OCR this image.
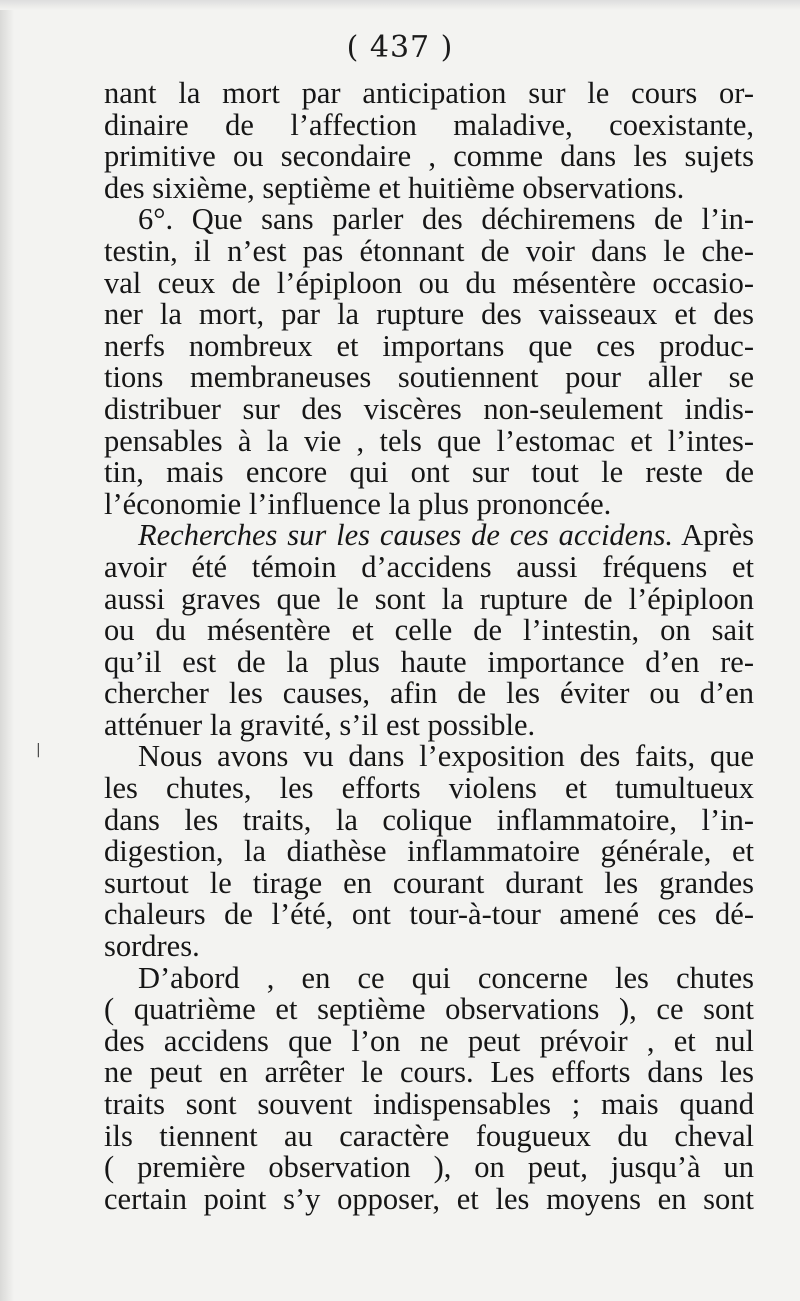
( 437 )
nant la mort par anticipation sur le cours or-
dinaire de l’affection maladive, coexistante,
primitive ou secondaire , comme dans les sujets
des sixième, septième et huitième observations.
6°. Que sans parler des déchiremens de l’in-
testin, il n’est pas étonnant de voir dans le che-
val ceux de l’épiploon ou du mésentère occasio-
ner la mort, par la rupture des vaisseaux et des
nerfs nombreux et importans que ces produc-
tions membraneuses soutiennent pour aller se
distribuer sur des viscères non-seulement indis-
pensables à la vie , tels que l’estomac et l’intes-
tin, mais encore qui ont sur tout le reste de
l’économie l’influence la plus prononcée.
Recherches sur les causes de ces accidens. Après
avoir été témoin d’accidens aussi fréquens et
aussi graves que le sont la rupture de l’épiploon
ou du mésentère et celle de l’intestin, on sait
qu’il est de la plus haute importance d’en re-
chercher les causes, afin de les éviter ou d’en
atténuer la gravité, s’il est possible.
Nous avons vu dans l’exposition des faits, que
les chutes, les efforts violens et tumultueux
dans les traits, la colique inflammatoire, l’in-
digestion, la diathèse inflammatoire générale, et
surtout le tirage en courant durant les grandes
chaleurs de l’été, ont tour-à-tour amené ces dé-
sordres.
D’abord , en ce qui concerne les chutes
( quatrième et septième observations ), ce sont
des accidens que l’on ne peut prévoir , et nul
ne peut en arrêter le cours. Les efforts dans les
traits sont souvent indispensables ; mais quand
ils tiennent au caractère fougueux du cheval
( première observation ), on peut, jusqu’à un
certain point s’y opposer, et les moyens en sont
|
